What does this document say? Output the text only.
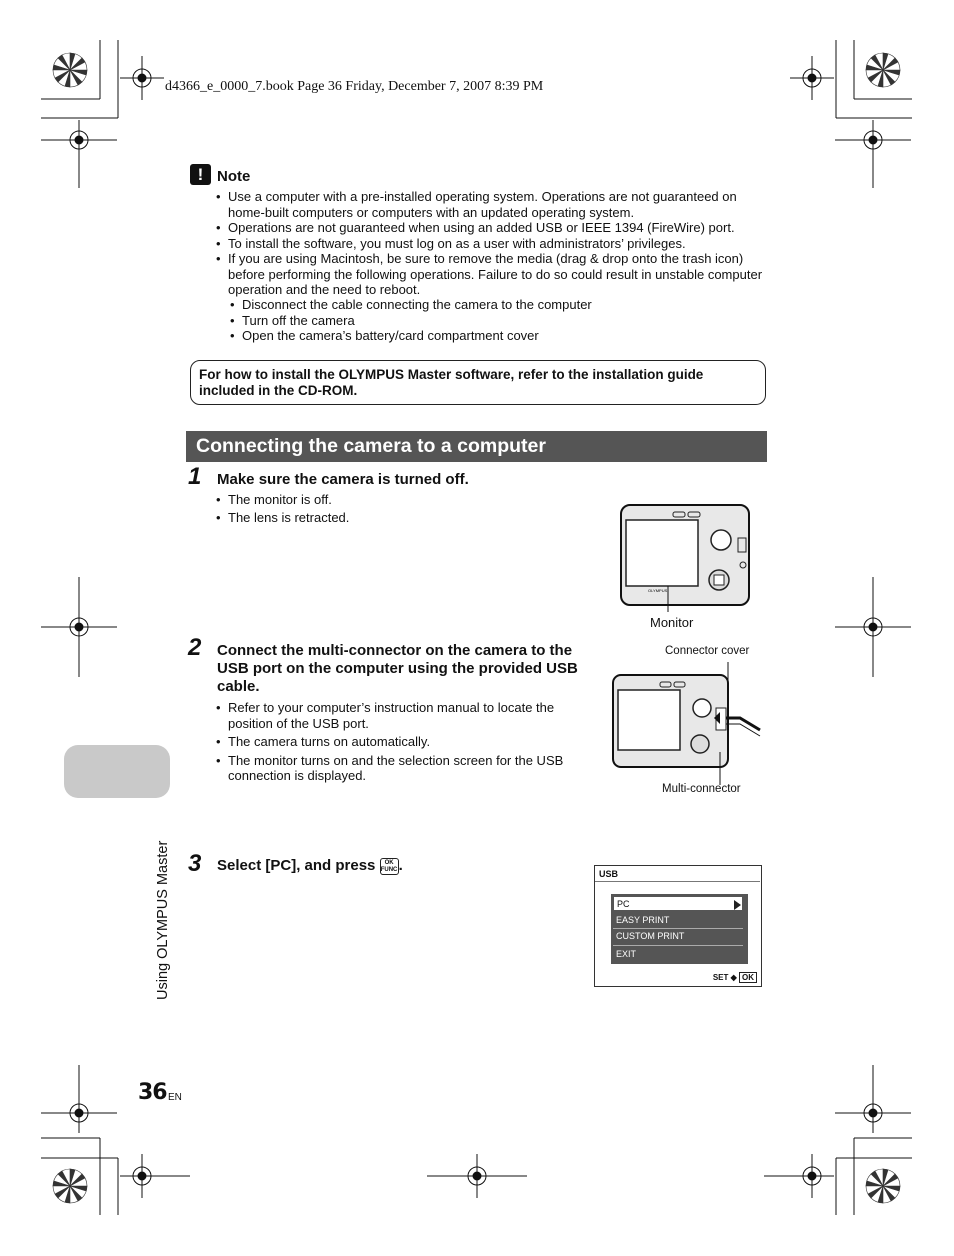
d4366_e_0000_7.book Page 36 Friday, December 7, 2007 8:39 PM
! Note
• Use a computer with a pre-installed operating system. Operations are not guaranteed on home-built computers or computers with an updated operating system.
• Operations are not guaranteed when using an added USB or IEEE 1394 (FireWire) port.
• To install the software, you must log on as a user with administrators’ privileges.
• If you are using Macintosh, be sure to remove the media (drag & drop onto the trash icon) before performing the following operations. Failure to do so could result in unstable computer operation and the need to reboot.
• Disconnect the cable connecting the camera to the computer
• Turn off the camera
• Open the camera’s battery/card compartment cover
For how to install the OLYMPUS Master software, refer to the installation guide included in the CD-ROM.
Connecting the camera to a computer
1 Make sure the camera is turned off.
• The monitor is off.
• The lens is retracted.
OLYMPUS
Monitor
2 Connect the multi-connector on the camera to the USB port on the computer using the provided USB cable.
• Refer to your computer’s instruction manual to locate the position of the USB port.
• The camera turns on automatically.
• The monitor turns on and the selection screen for the USB connection is displayed.
Connector cover
Multi-connector
3 Select [PC], and press OK
FUNC.	USB
PC
EASY PRINT
CUSTOM PRINT
EXIT
SET ◆ OK
Using OLYMPUS Master
36 EN
